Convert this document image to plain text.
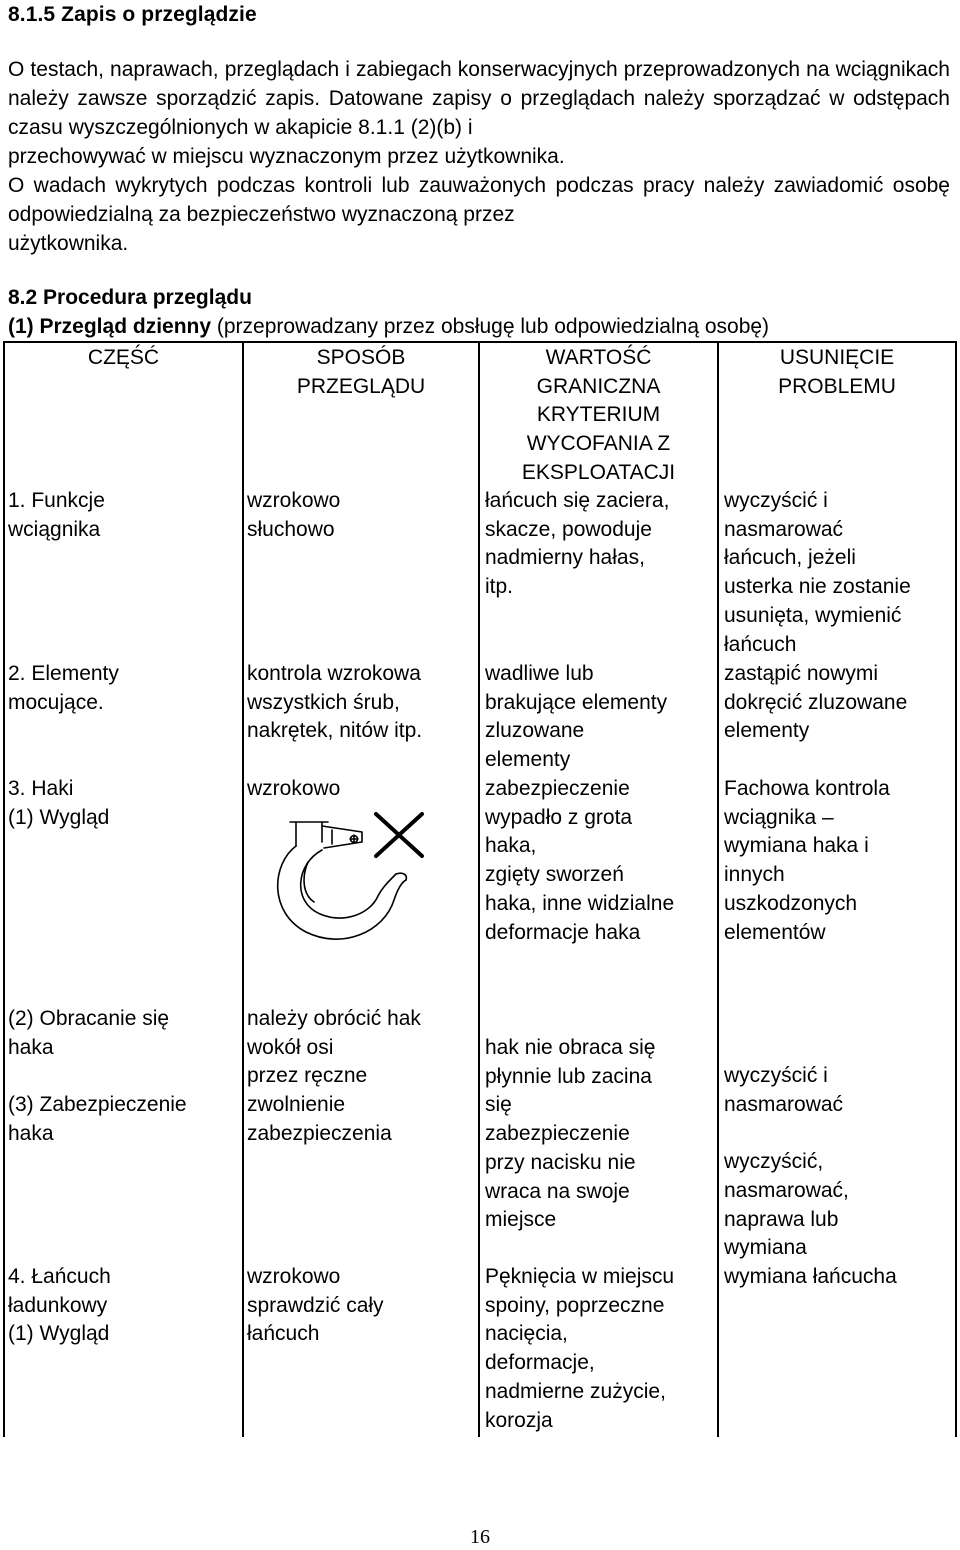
8.1.5 Zapis o przeglądzie
O testach, naprawach, przeglądach i zabiegach konserwacyjnych przeprowadzonych na wciągnikach należy zawsze sporządzić zapis. Datowane zapisy o przeglądach należy sporządzać w odstępach czasu wyszczególnionych w akapicie 8.1.1 (2)(b) i
przechowywać w miejscu wyznaczonym przez użytkownika.
O wadach wykrytych podczas kontroli lub zauważonych podczas pracy należy zawiadomić osobę odpowiedzialną za bezpieczeństwo wyznaczoną przez
użytkownika.
8.2 Procedura przeglądu
(1) Przegląd dzienny (przeprowadzany przez obsługę lub odpowiedzialną osobę)
CZĘŚĆ	SPOSÓB
PRZEGLĄDU
WARTOŚĆ
GRANICZNA
KRYTERIUM
WYCOFANIA Z
EKSPLOATACJI
USUNIĘCIE
PROBLEMU
1. Funkcje
wciągnika
wzrokowo
słuchowo
łańcuch się zaciera,
skacze, powoduje
nadmierny hałas,
itp.
wyczyścić i
nasmarować
łańcuch, jeżeli
usterka nie zostanie
usunięta, wymienić
łańcuch
2. Elementy
mocujące.
kontrola wzrokowa
wszystkich śrub,
nakrętek, nitów itp.
wadliwe lub
brakujące elementy
zluzowane
elementy
zastąpić nowymi
dokręcić zluzowane
elementy
3. Haki
(1) Wygląd
wzrokowo	zabezpieczenie
wypadło z grota
haka,
zgięty sworzeń
haka, inne widzialne
deformacje haka
Fachowa kontrola
wciągnika –
wymiana haka i
innych
uszkodzonych
elementów
(2) Obracanie się
haka

(3) Zabezpieczenie
haka
należy obrócić hak
wokół osi
przez ręczne
zwolnienie
zabezpieczenia
hak nie obraca się
płynnie lub zacina
się
zabezpieczenie
przy nacisku nie
wraca na swoje
miejsce
wyczyścić i
nasmarować

wyczyścić,
nasmarować,
naprawa lub
wymiana
4. Łańcuch
ładunkowy
(1) Wygląd
wzrokowo
sprawdzić cały
łańcuch
Pęknięcia w miejscu
spoiny, poprzeczne
nacięcia,
deformacje,
nadmierne zużycie,
korozja
wymiana łańcucha
16
